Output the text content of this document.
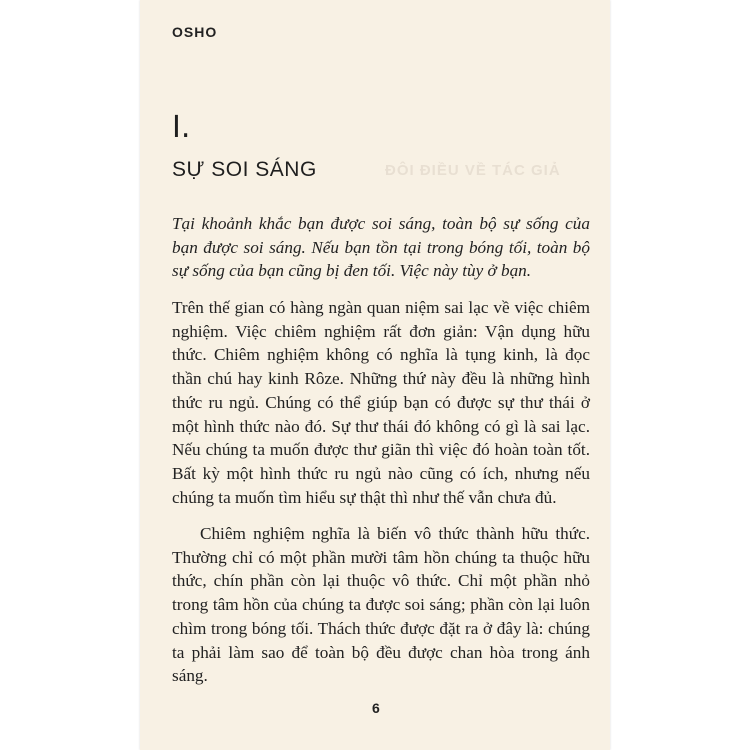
ĐÔI ĐIỀU VỀ TÁC GIẢ
OSHO
I.
SỰ SOI SÁNG
Tại khoảnh khắc bạn được soi sáng, toàn bộ sự sống của bạn được soi sáng. Nếu bạn tồn tại trong bóng tối, toàn bộ sự sống của bạn cũng bị đen tối. Việc này tùy ở bạn.
Trên thế gian có hàng ngàn quan niệm sai lạc về việc chiêm nghiệm. Việc chiêm nghiệm rất đơn giản: Vận dụng hữu thức. Chiêm nghiệm không có nghĩa là tụng kinh, là đọc thần chú hay kinh Rôze. Những thứ này đều là những hình thức ru ngủ. Chúng có thể giúp bạn có được sự thư thái ở một hình thức nào đó. Sự thư thái đó không có gì là sai lạc. Nếu chúng ta muốn được thư giãn thì việc đó hoàn toàn tốt. Bất kỳ một hình thức ru ngủ nào cũng có ích, nhưng nếu chúng ta muốn tìm hiểu sự thật thì như thế vẫn chưa đủ.
Chiêm nghiệm nghĩa là biến vô thức thành hữu thức. Thường chỉ có một phần mười tâm hồn chúng ta thuộc hữu thức, chín phần còn lại thuộc vô thức. Chỉ một phần nhỏ trong tâm hồn của chúng ta được soi sáng; phần còn lại luôn chìm trong bóng tối. Thách thức được đặt ra ở đây là: chúng ta phải làm sao để toàn bộ đều được chan hòa trong ánh sáng.
6
